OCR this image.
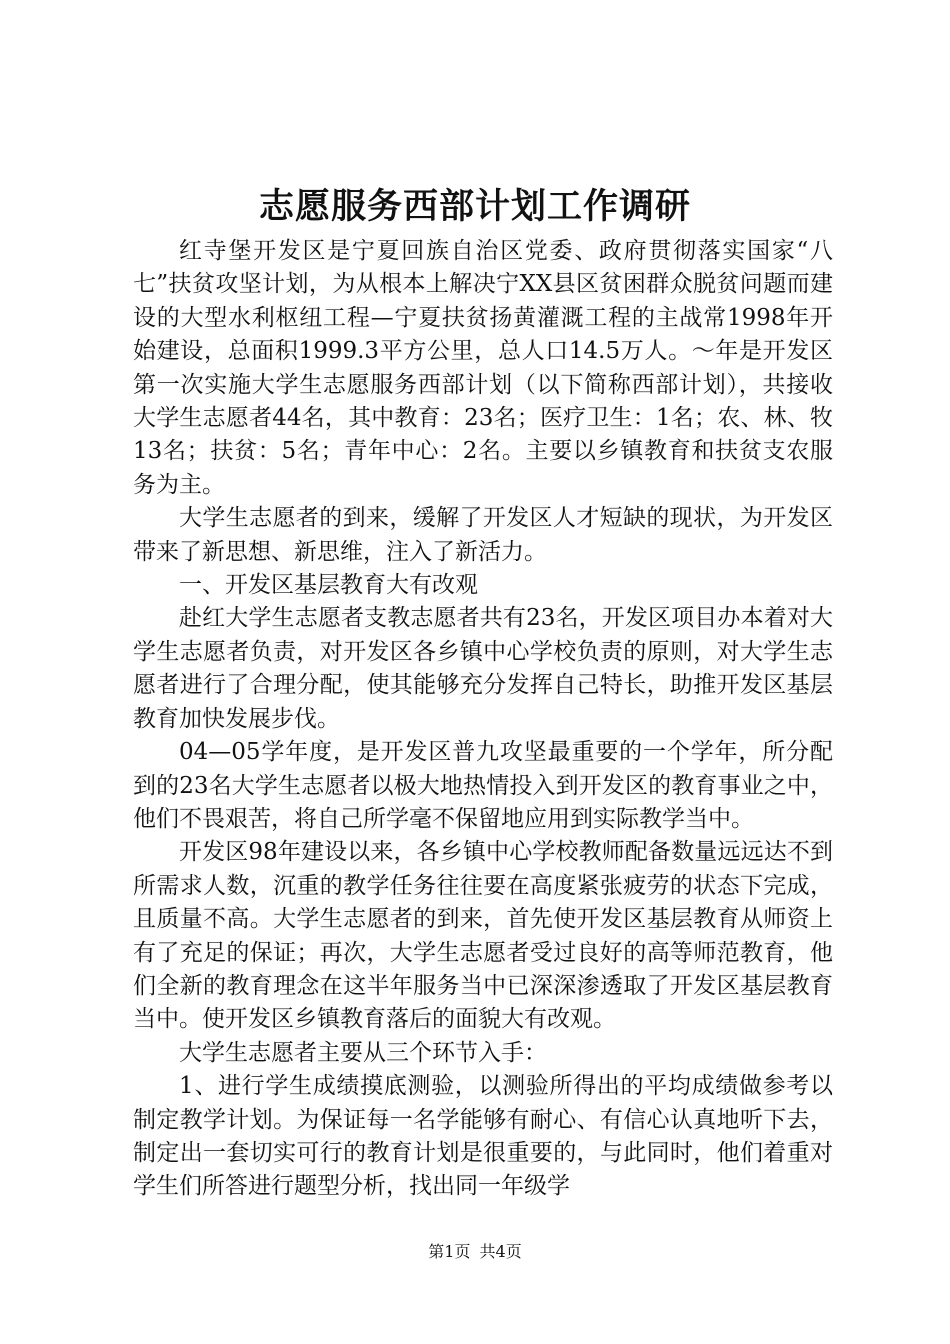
志愿服务西部计划工作调研

红寺堡开发区是宁夏回族自治区党委、政府贯彻落实国家“八七”扶贫攻坚计划，为从根本上解决宁XX县区贫困群众脱贫问题而建设的大型水利枢纽工程—宁夏扶贫扬黄灌溉工程的主战常1998年开始建设，总面积1999.3平方公里，总人口14.5万人。～年是开发区第一次实施大学生志愿服务西部计划（以下简称西部计划），共接收大学生志愿者44名，其中教育：23名；医疗卫生：1名；农、林、牧13名；扶贫：5名；青年中心：2名。主要以乡镇教育和扶贫支农服务为主。

大学生志愿者的到来，缓解了开发区人才短缺的现状，为开发区带来了新思想、新思维，注入了新活力。

一、开发区基层教育大有改观

赴红大学生志愿者支教志愿者共有23名，开发区项目办本着对大学生志愿者负责，对开发区各乡镇中心学校负责的原则，对大学生志愿者进行了合理分配，使其能够充分发挥自己特长，助推开发区基层教育加快发展步伐。

04—05学年度，是开发区普九攻坚最重要的一个学年，所分配到的23名大学生志愿者以极大地热情投入到开发区的教育事业之中，他们不畏艰苦，将自己所学毫不保留地应用到实际教学当中。

开发区98年建设以来，各乡镇中心学校教师配备数量远远达不到所需求人数，沉重的教学任务往往要在高度紧张疲劳的状态下完成，且质量不高。大学生志愿者的到来，首先使开发区基层教育从师资上有了充足的保证；再次，大学生志愿者受过良好的高等师范教育，他们全新的教育理念在这半年服务当中已深深渗透取了开发区基层教育当中。使开发区乡镇教育落后的面貌大有改观。

大学生志愿者主要从三个环节入手：

1、进行学生成绩摸底测验，以测验所得出的平均成绩做参考以制定教学计划。为保证每一名学能够有耐心、有信心认真地听下去，制定出一套切实可行的教育计划是很重要的，与此同时，他们着重对学生们所答进行题型分析，找出同一年级学

第1页 共4页
